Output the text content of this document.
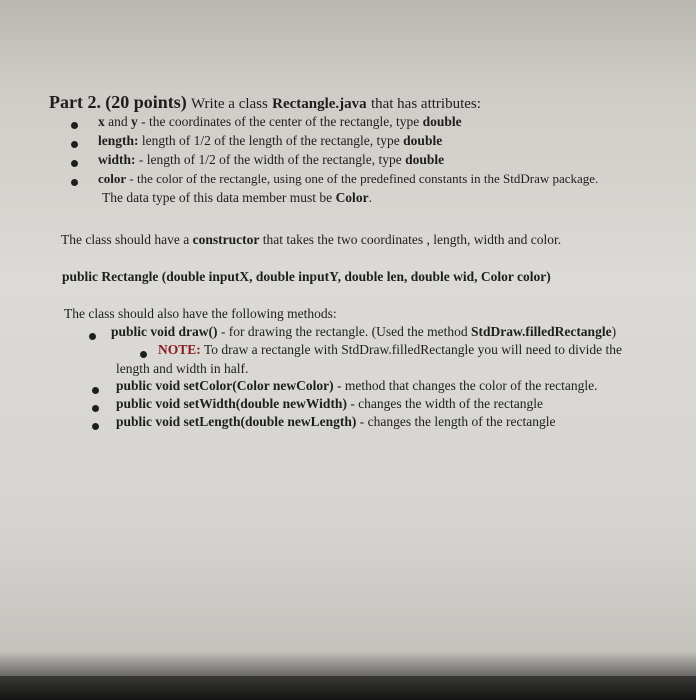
Part 2. (20 points) Write a class Rectangle.java that has attributes:
x and y - the coordinates of the center of the rectangle, type double
length: length of 1/2 of the length of the rectangle, type double
width: - length of 1/2 of the width of the rectangle, type double
color - the color of the rectangle, using one of the predefined constants in the StdDraw package.
The data type of this data member must be Color.
The class should have a constructor that takes the two coordinates , length, width and color.
public Rectangle (double inputX, double inputY, double len, double wid, Color color)
The class should also have the following methods:
public void draw() - for drawing the rectangle. (Used the method StdDraw.filledRectangle)
NOTE: To draw a rectangle with StdDraw.filledRectangle you will need to divide the
length and width in half.
public void setColor(Color newColor) - method that changes the color of the rectangle.
public void setWidth(double newWidth) - changes the width of the rectangle
public void setLength(double newLength) - changes the length of the rectangle
